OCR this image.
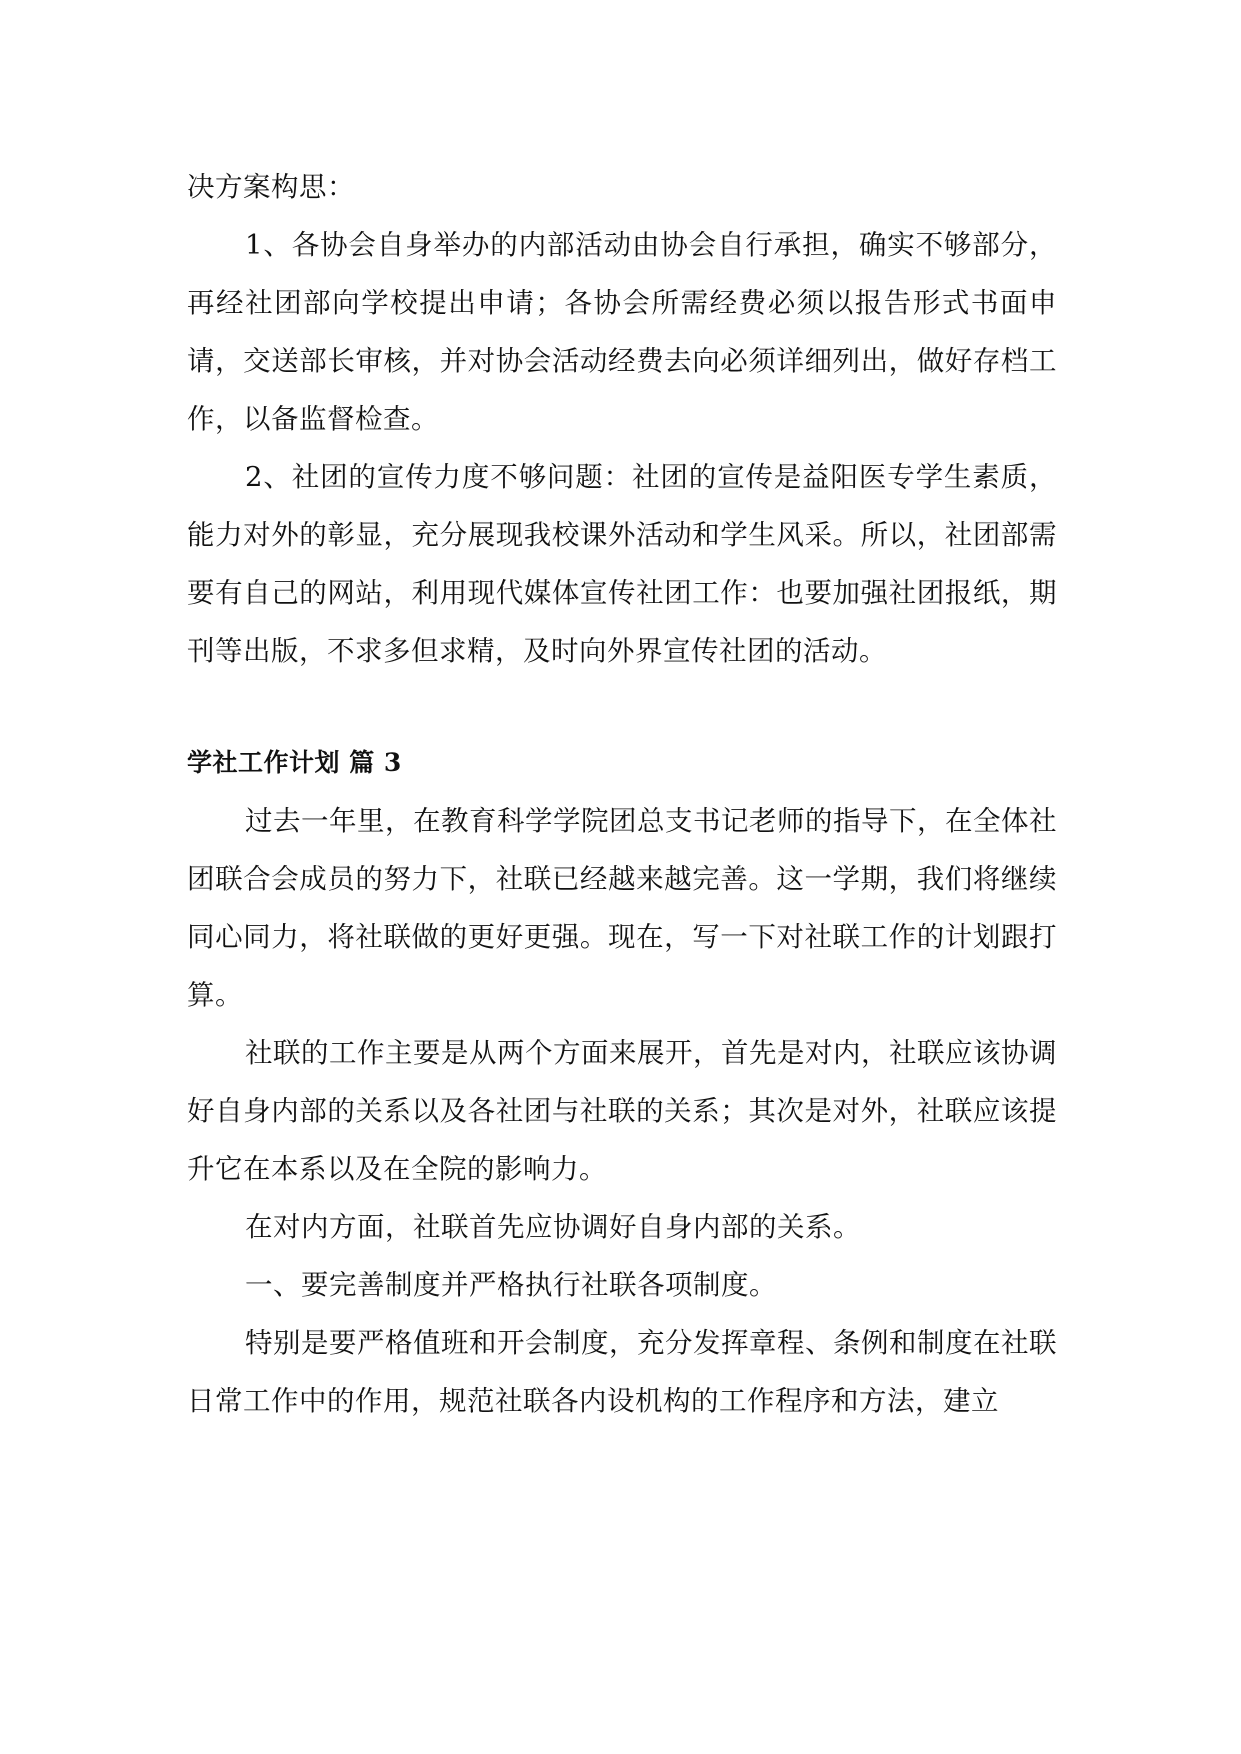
决方案构思：

1、各协会自身举办的内部活动由协会自行承担，确实不够部分，再经社团部向学校提出申请；各协会所需经费必须以报告形式书面申请，交送部长审核，并对协会活动经费去向必须详细列出，做好存档工作，以备监督检查。

2、社团的宣传力度不够问题：社团的宣传是益阳医专学生素质，能力对外的彰显，充分展现我校课外活动和学生风采。所以，社团部需要有自己的网站，利用现代媒体宣传社团工作：也要加强社团报纸，期刊等出版，不求多但求精，及时向外界宣传社团的活动。

学社工作计划 篇 3

过去一年里，在教育科学学院团总支书记老师的指导下，在全体社团联合会成员的努力下，社联已经越来越完善。这一学期，我们将继续同心同力，将社联做的更好更强。现在，写一下对社联工作的计划跟打算。

社联的工作主要是从两个方面来展开，首先是对内，社联应该协调好自身内部的关系以及各社团与社联的关系；其次是对外，社联应该提升它在本系以及在全院的影响力。

在对内方面，社联首先应协调好自身内部的关系。

一、要完善制度并严格执行社联各项制度。

特别是要严格值班和开会制度，充分发挥章程、条例和制度在社联日常工作中的作用，规范社联各内设机构的工作程序和方法，建立
